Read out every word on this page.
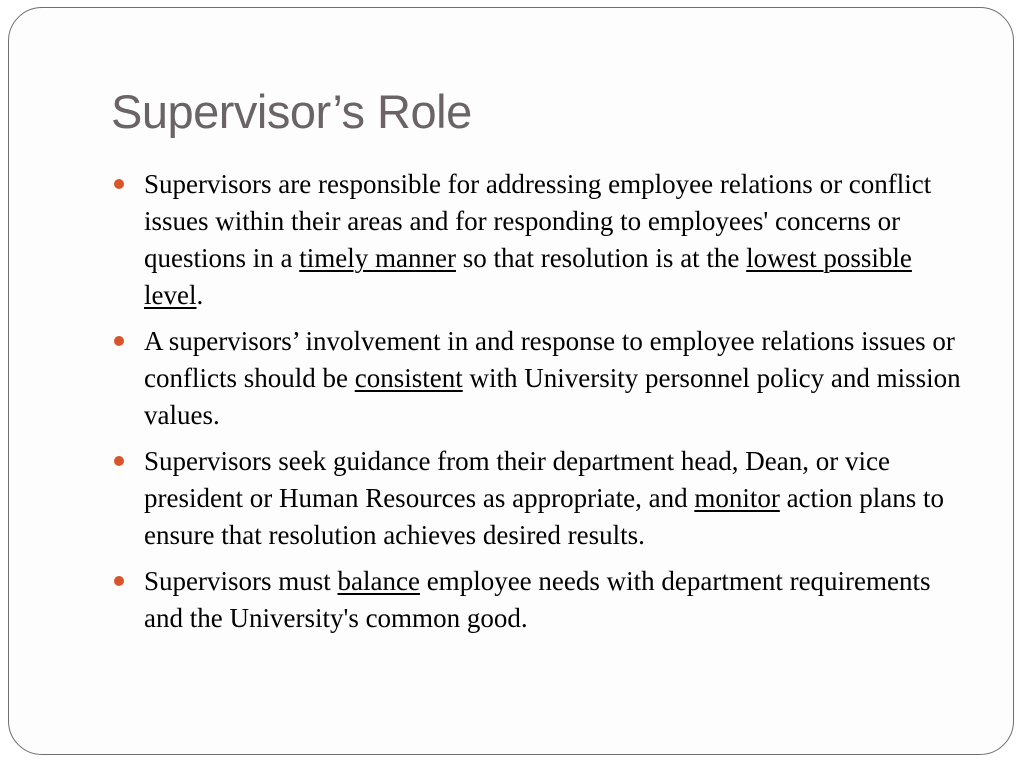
Supervisor’s Role
Supervisors are responsible for addressing employee relations or conflict issues within their areas and for responding to employees' concerns or questions in a timely manner so that resolution is at the lowest possible level.
A supervisors’ involvement in and response to employee relations issues or conflicts should be consistent with University personnel policy and mission values.
Supervisors seek guidance from their department head, Dean, or vice president or Human Resources as appropriate, and monitor action plans to ensure that resolution achieves desired results.
Supervisors must balance employee needs with department requirements and the University's common good.
